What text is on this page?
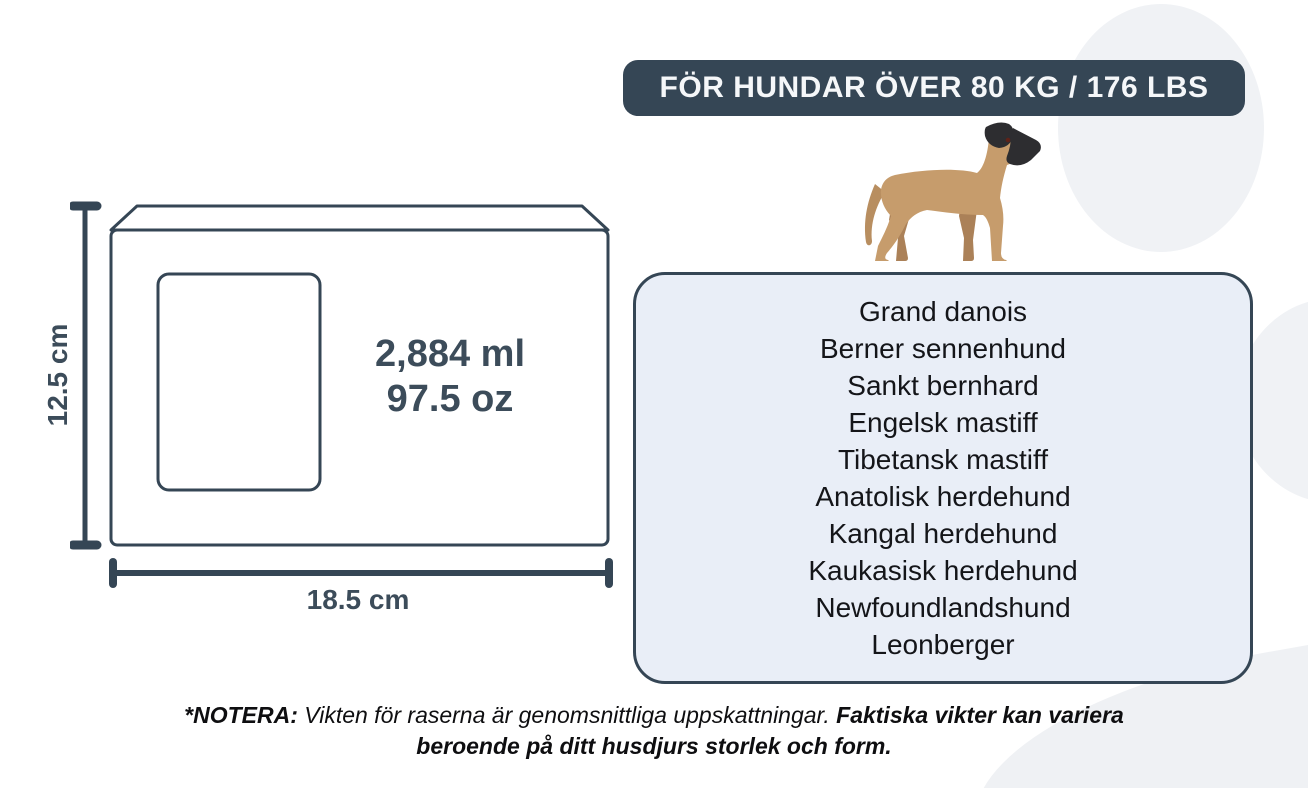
FÖR HUNDAR ÖVER 80 KG / 176 LBS
2,884 ml
97.5 oz
12.5 cm
18.5 cm
Grand danois
Berner sennenhund
Sankt bernhard
Engelsk mastiff
Tibetansk mastiff
Anatolisk herdehund
Kangal herdehund
Kaukasisk herdehund
Newfoundlandshund
Leonberger
*NOTERA: Vikten för raserna är genomsnittliga uppskattningar. Faktiska vikter kan variera
beroende på ditt husdjurs storlek och form.
